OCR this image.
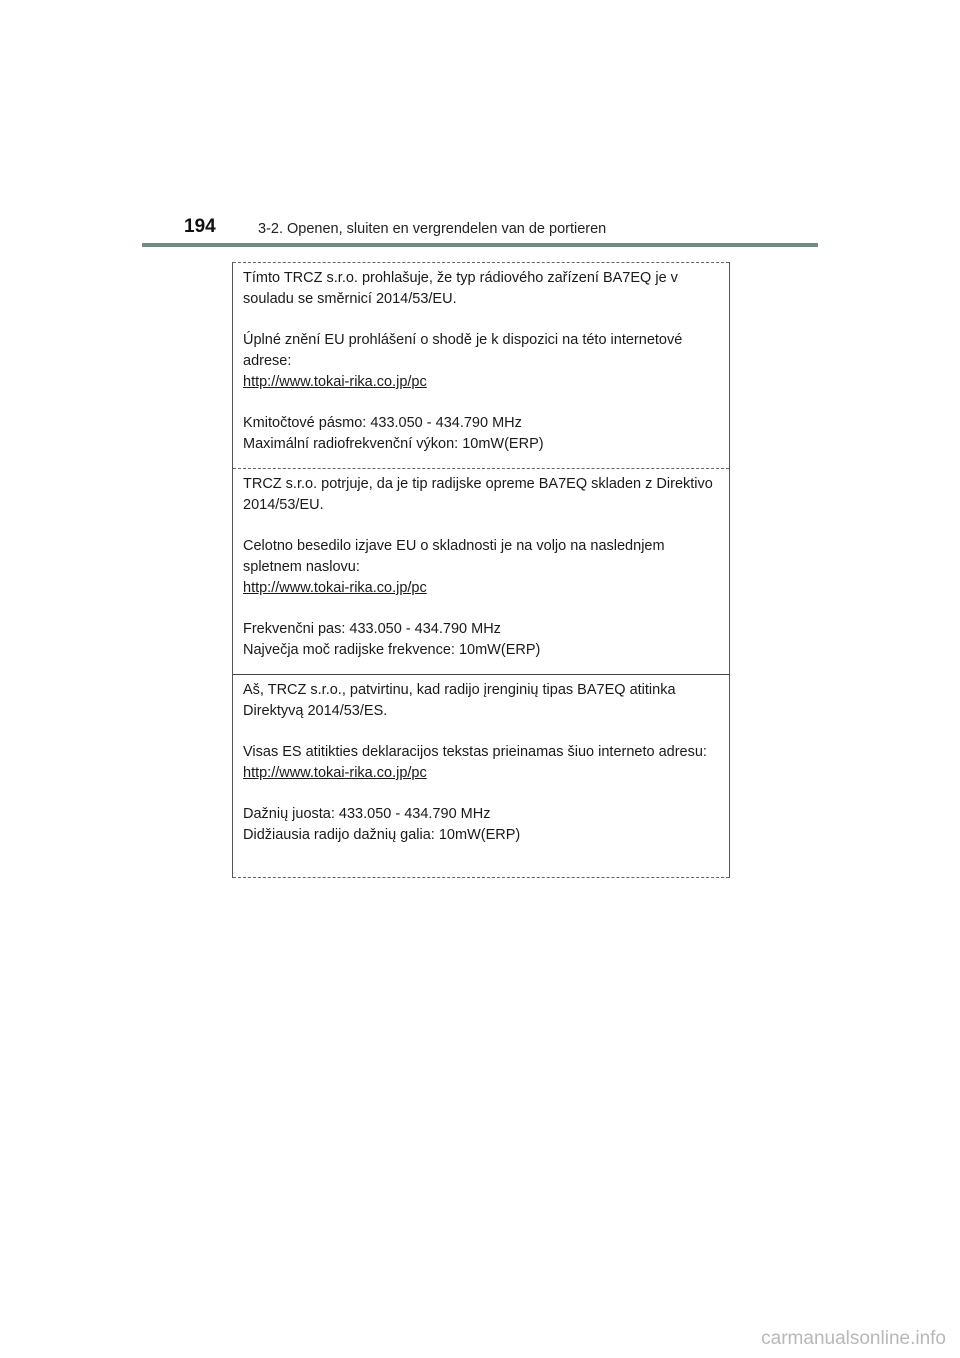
194	3-2. Openen, sluiten en vergrendelen van de portieren

Tímto TRCZ s.r.o. prohlašuje, že typ rádiového zařízení BA7EQ je v souladu se směrnicí 2014/53/EU.

Úplné znění EU prohlášení o shodě je k dispozici na této internetové adrese:

http://www.tokai-rika.co.jp/pc

Kmitočtové pásmo: 433.050 - 434.790 MHz

Maximální radiofrekvenční výkon: 10mW(ERP)

TRCZ s.r.o. potrjuje, da je tip radijske opreme BA7EQ skladen z Direktivo 2014/53/EU.

Celotno besedilo izjave EU o skladnosti je na voljo na naslednjem spletnem naslovu:

http://www.tokai-rika.co.jp/pc

Frekvenčni pas: 433.050 - 434.790 MHz

Največja moč radijske frekvence: 10mW(ERP)

Aš, TRCZ s.r.o., patvirtinu, kad radijo įrenginių tipas BA7EQ atitinka Direktyvą 2014/53/ES.

Visas ES atitikties deklaracijos tekstas prieinamas šiuo interneto adresu:

http://www.tokai-rika.co.jp/pc

Dažnių juosta: 433.050 - 434.790 MHz

Didžiausia radijo dažnių galia: 10mW(ERP)

carmanualsonline.info
